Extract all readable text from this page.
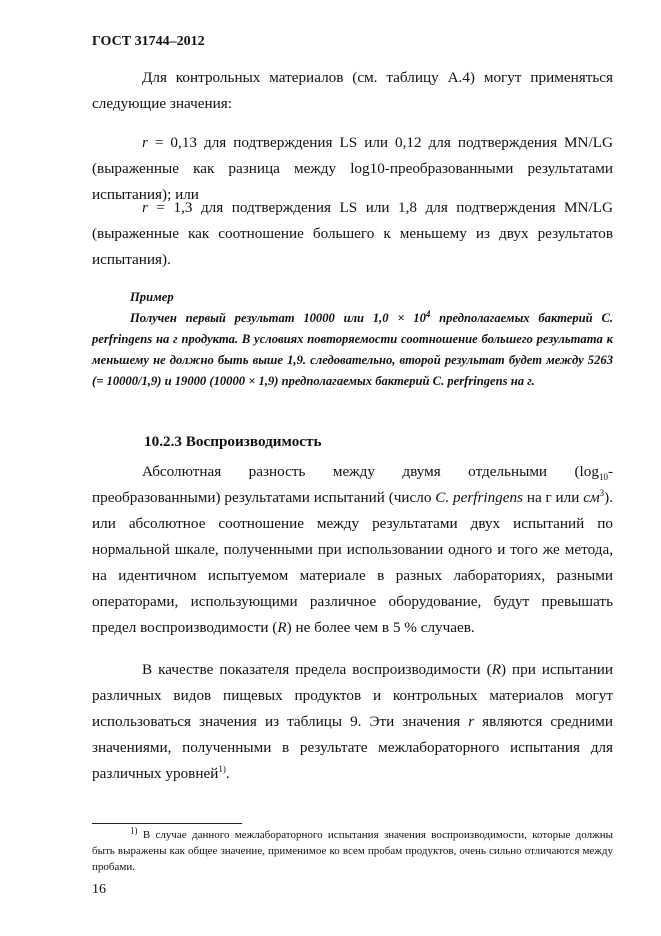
ГОСТ 31744–2012

Для контрольных материалов (см. таблицу А.4) могут применяться следующие значения:

r = 0,13 для подтверждения LS или 0,12 для подтверждения MN/LG (выраженные как разница между log10-преобразованными результатами испытания); или

r = 1,3 для подтверждения LS или 1,8 для подтверждения MN/LG (выраженные как соотношение большего к меньшему из двух результатов испытания).

Пример

Получен первый результат 10000 или $1,0 \times 10^4$ предполагаемых бактерий C. perfringens на г продукта. В условиях повторяемости соотношение большего результата к меньшему не должно быть выше 1,9. следовательно, второй результат будет между 5263 (= 10000/1,9) и 19000 (10000 × 1,9) предполагаемых бактерий C. perfringens на г.

10.2.3 Воспроизводимость

Абсолютная разность между двумя отдельными $(\log_{10}-преобразованными)$ результатами испытаний (число C. perfringens на г или $см^3$). или абсолютное соотношение между результатами двух испытаний по нормальной шкале, полученными при использовании одного и того же метода, на идентичном испытуемом материале в разных лабораториях, разными операторами, использующими различное оборудование, будут превышать предел воспроизводимости (R) не более чем в 5 % случаев.

В качестве показателя предела воспроизводимости (R) при испытании различных видов пищевых продуктов и контрольных материалов могут использоваться значения из таблицы 9. Эти значения r являются средними значениями, полученными в результате межлабораторного испытания для различных уровней$^{1)}$.

$^{1)}$ В случае данного межлабораторного испытания значения воспроизводимости, которые должны быть выражены как общее значение, применимое ко всем пробам продуктов, очень сильно отличаются между пробами.

16
